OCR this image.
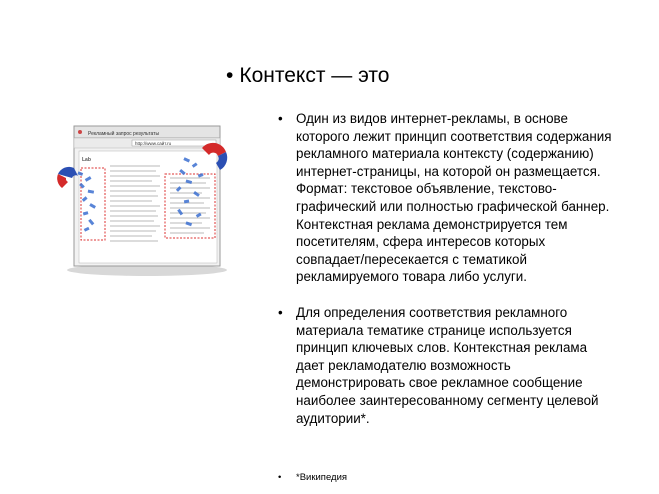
• Контекст — это
Рекламный запрос результаты
http://www.сайт.ru
Lab

• Один из видов интернет-рекламы, в основе которого лежит принцип соответствия содержания рекламного материала контексту (содержанию) интернет-страницы, на которой он размещается. Формат: текстовое объявление, текстово-графический или полностью графической баннер. Контекстная реклама демонстрируется тем посетителям, сфера интересов которых совпадает/пересекается с тематикой рекламируемого товара либо услуги.

• Для определения соответствия рекламного материала тематике странице используется принцип ключевых слов. Контекстная реклама дает рекламодателю возможность демонстрировать свое рекламное сообщение наиболее заинтересованному сегменту целевой аудитории*.

• *Википедия
